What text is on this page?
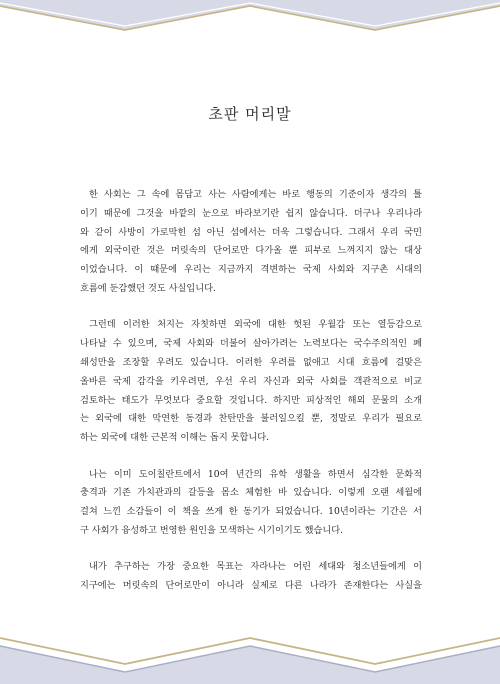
초판 머리말
한 사회는 그 속에 몸담고 사는 사람에게는 바로 행동의 기준이자 생각의 틀
이기 때문에 그것을 바깥의 눈으로 바라보기란 쉽지 않습니다. 더구나 우리나라
와 같이 사방이 가로막힌 섬 아닌 섬에서는 더욱 그렇습니다. 그래서 우리 국민
에게 외국이란 것은 머릿속의 단어로만 다가올 뿐 피부로 느껴지지 않는 대상
이었습니다. 이 때문에 우리는 지금까지 격변하는 국제 사회와 지구촌 시대의
흐름에 둔감했던 것도 사실입니다.
그런데 이러한 처지는 자칫하면 외국에 대한 헛된 우월감 또는 열등감으로
나타날 수 있으며, 국제 사회와 더불어 살아가려는 노력보다는 국수주의적인 폐
쇄성만을 조장할 우려도 있습니다. 이러한 우려를 없애고 시대 흐름에 걸맞은
올바른 국제 감각을 키우려면, 우선 우리 자신과 외국 사회를 객관적으로 비교
검토하는 태도가 무엇보다 중요할 것입니다. 하지만 피상적인 해외 문물의 소개
는 외국에 대한 막연한 동경과 찬탄만을 불러일으킬 뿐, 정말로 우리가 필요로
하는 외국에 대한 근본적 이해는 돕지 못합니다.
나는 이미 도이칠란트에서 10여 년간의 유학 생활을 하면서 심각한 문화적
충격과 기존 가치관과의 갈등을 몸소 체험한 바 있습니다. 이렇게 오랜 세월에
걸쳐 느낀 소감들이 이 책을 쓰게 한 동기가 되었습니다. 10년이라는 기간은 서
구 사회가 융성하고 번영한 원인을 모색하는 시기이기도 했습니다.
내가 추구하는 가장 중요한 목표는 자라나는 어린 세대와 청소년들에게 이
지구에는 머릿속의 단어로만이 아니라 실제로 다른 나라가 존재한다는 사실을
